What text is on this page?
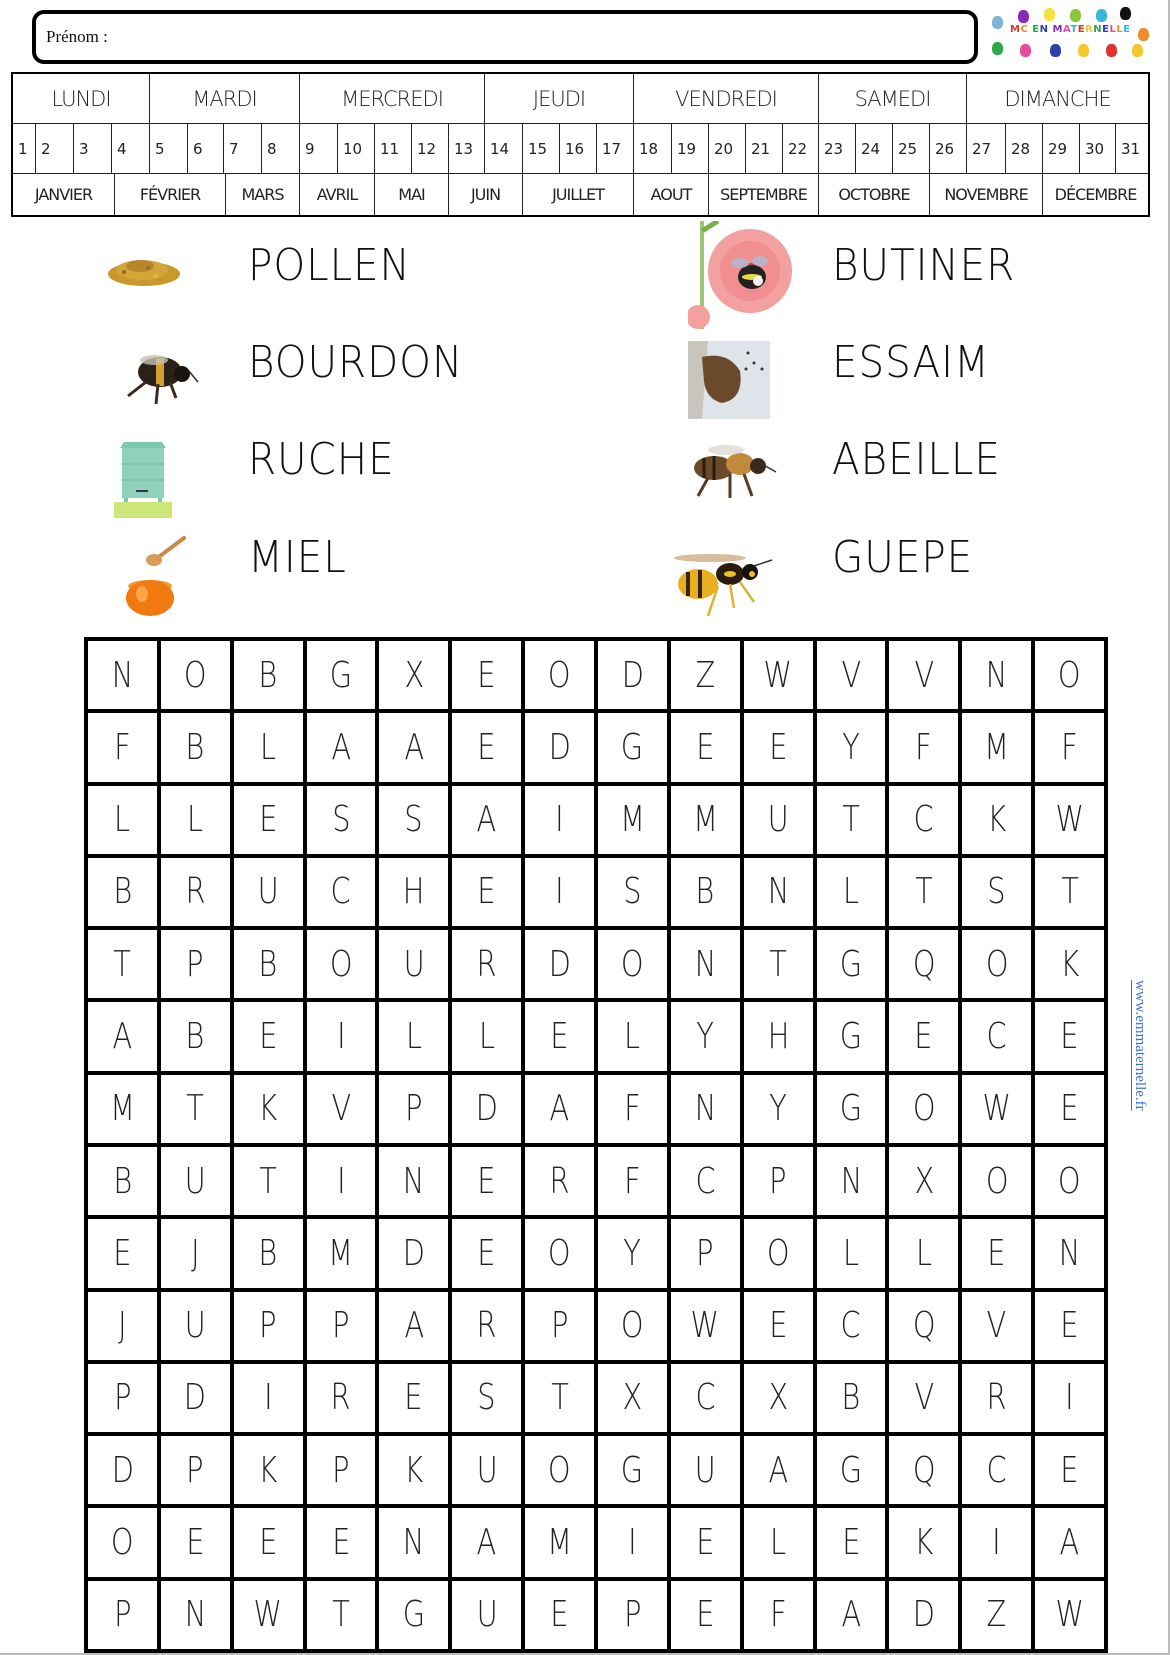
Prénom :	MC EN MATERNELLE
LUNDI	MARDI	MERCREDI	JEUDI	VENDREDI	SAMEDI	DIMANCHE
1 2	3	4	5	6	7	8	9	10	11	12	13	14	15	16	17	18	19	20	21	22	23	24	25	26	27	28	29	30	31
JANVIER	FÉVRIER	MARS	AVRIL	MAI	JUIN	JUILLET	AOUT	SEPTEMBRE	OCTOBRE	NOVEMBRE	DÉCEMBRE
POLLEN
BOURDON
RUCHE
MIEL
BUTINER
ESSAIM
ABEILLE
GUEPE
N O B G X E O D Z W V V N O
F B L A A E D G E E Y F M F
L L E S S A I M M U T C K W
B R U C H E I S B N L T S T
T P B O U R D O N T G Q O K
A B E I L L E L Y H G E C E
M T K V P D A F N Y G O W E
B U T I N E R F C P N X O O
E J B M D E O Y P O L L E N
J U P P A R P O W E C Q V E
P D I R E S T X C X B V R I
D P K P K U O G U A G Q C E
O E E E N A M I E L E K I A
P N W T G U E P E F A D Z W
www.emmaternelle.fr
